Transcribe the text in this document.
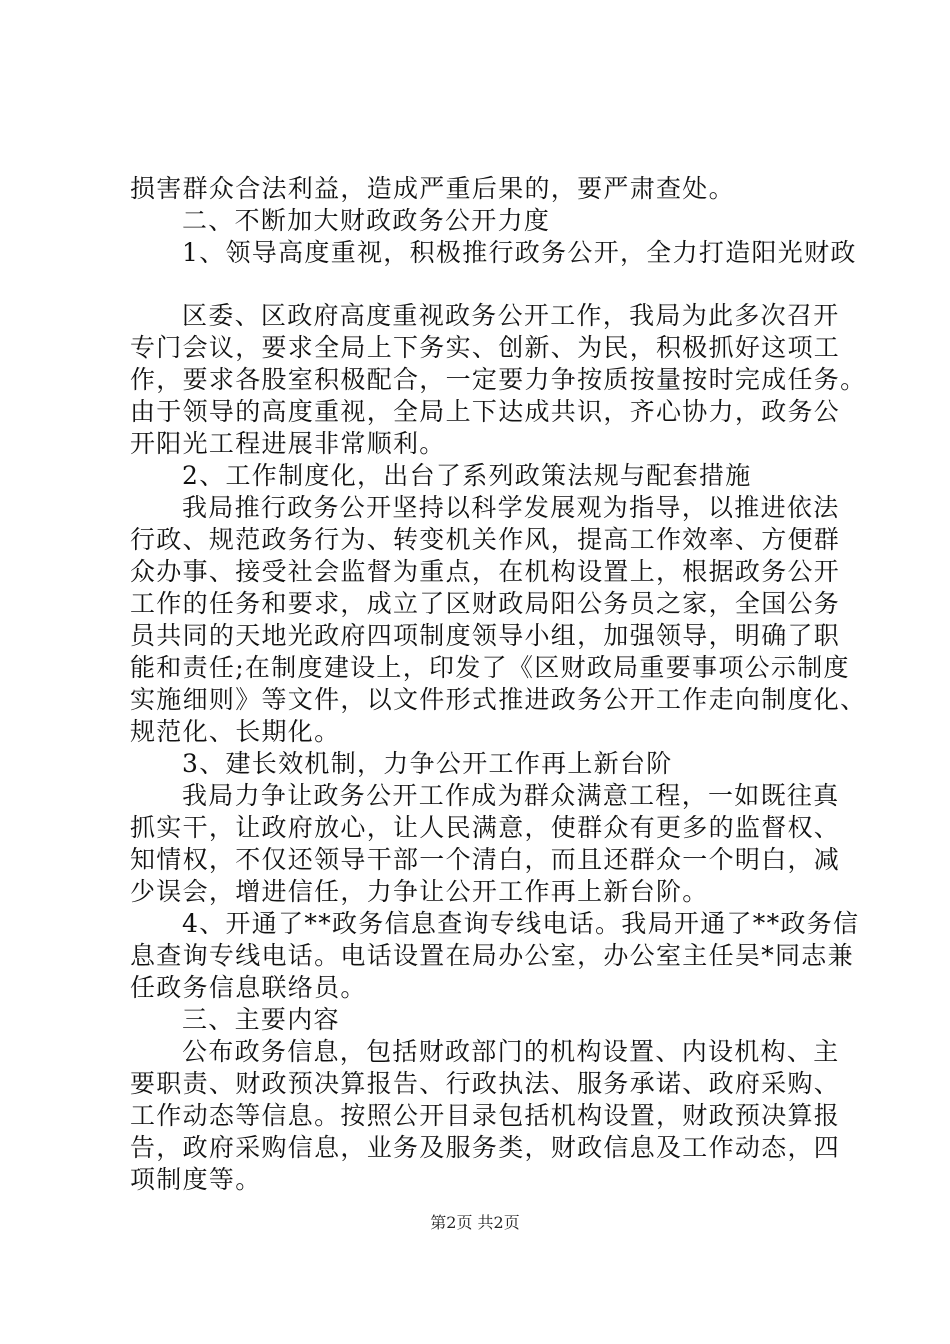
损害群众合法利益，造成严重后果的，要严肃查处。
二、不断加大财政政务公开力度
1、领导高度重视，积极推行政务公开，全力打造阳光财政
区委、区政府高度重视政务公开工作，我局为此多次召开
专门会议，要求全局上下务实、创新、为民，积极抓好这项工
作，要求各股室积极配合，一定要力争按质按量按时完成任务。
由于领导的高度重视，全局上下达成共识，齐心协力，政务公
开阳光工程进展非常顺利。
2、工作制度化，出台了系列政策法规与配套措施
我局推行政务公开坚持以科学发展观为指导，以推进依法
行政、规范政务行为、转变机关作风，提高工作效率、方便群
众办事、接受社会监督为重点，在机构设置上，根据政务公开
工作的任务和要求，成立了区财政局阳公务员之家，全国公务
员共同的天地光政府四项制度领导小组，加强领导，明确了职
能和责任;在制度建设上，印发了《区财政局重要事项公示制度
实施细则》等文件，以文件形式推进政务公开工作走向制度化、
规范化、长期化。
3、建长效机制，力争公开工作再上新台阶
我局力争让政务公开工作成为群众满意工程，一如既往真
抓实干，让政府放心，让人民满意，使群众有更多的监督权、
知情权，不仅还领导干部一个清白，而且还群众一个明白，减
少误会，增进信任，力争让公开工作再上新台阶。
4、开通了**政务信息查询专线电话。我局开通了**政务信
息查询专线电话。电话设置在局办公室，办公室主任吴*同志兼
任政务信息联络员。
三、主要内容
公布政务信息，包括财政部门的机构设置、内设机构、主
要职责、财政预决算报告、行政执法、服务承诺、政府采购、
工作动态等信息。按照公开目录包括机构设置，财政预决算报
告，政府采购信息，业务及服务类，财政信息及工作动态，四
项制度等。
第2页 共2页
